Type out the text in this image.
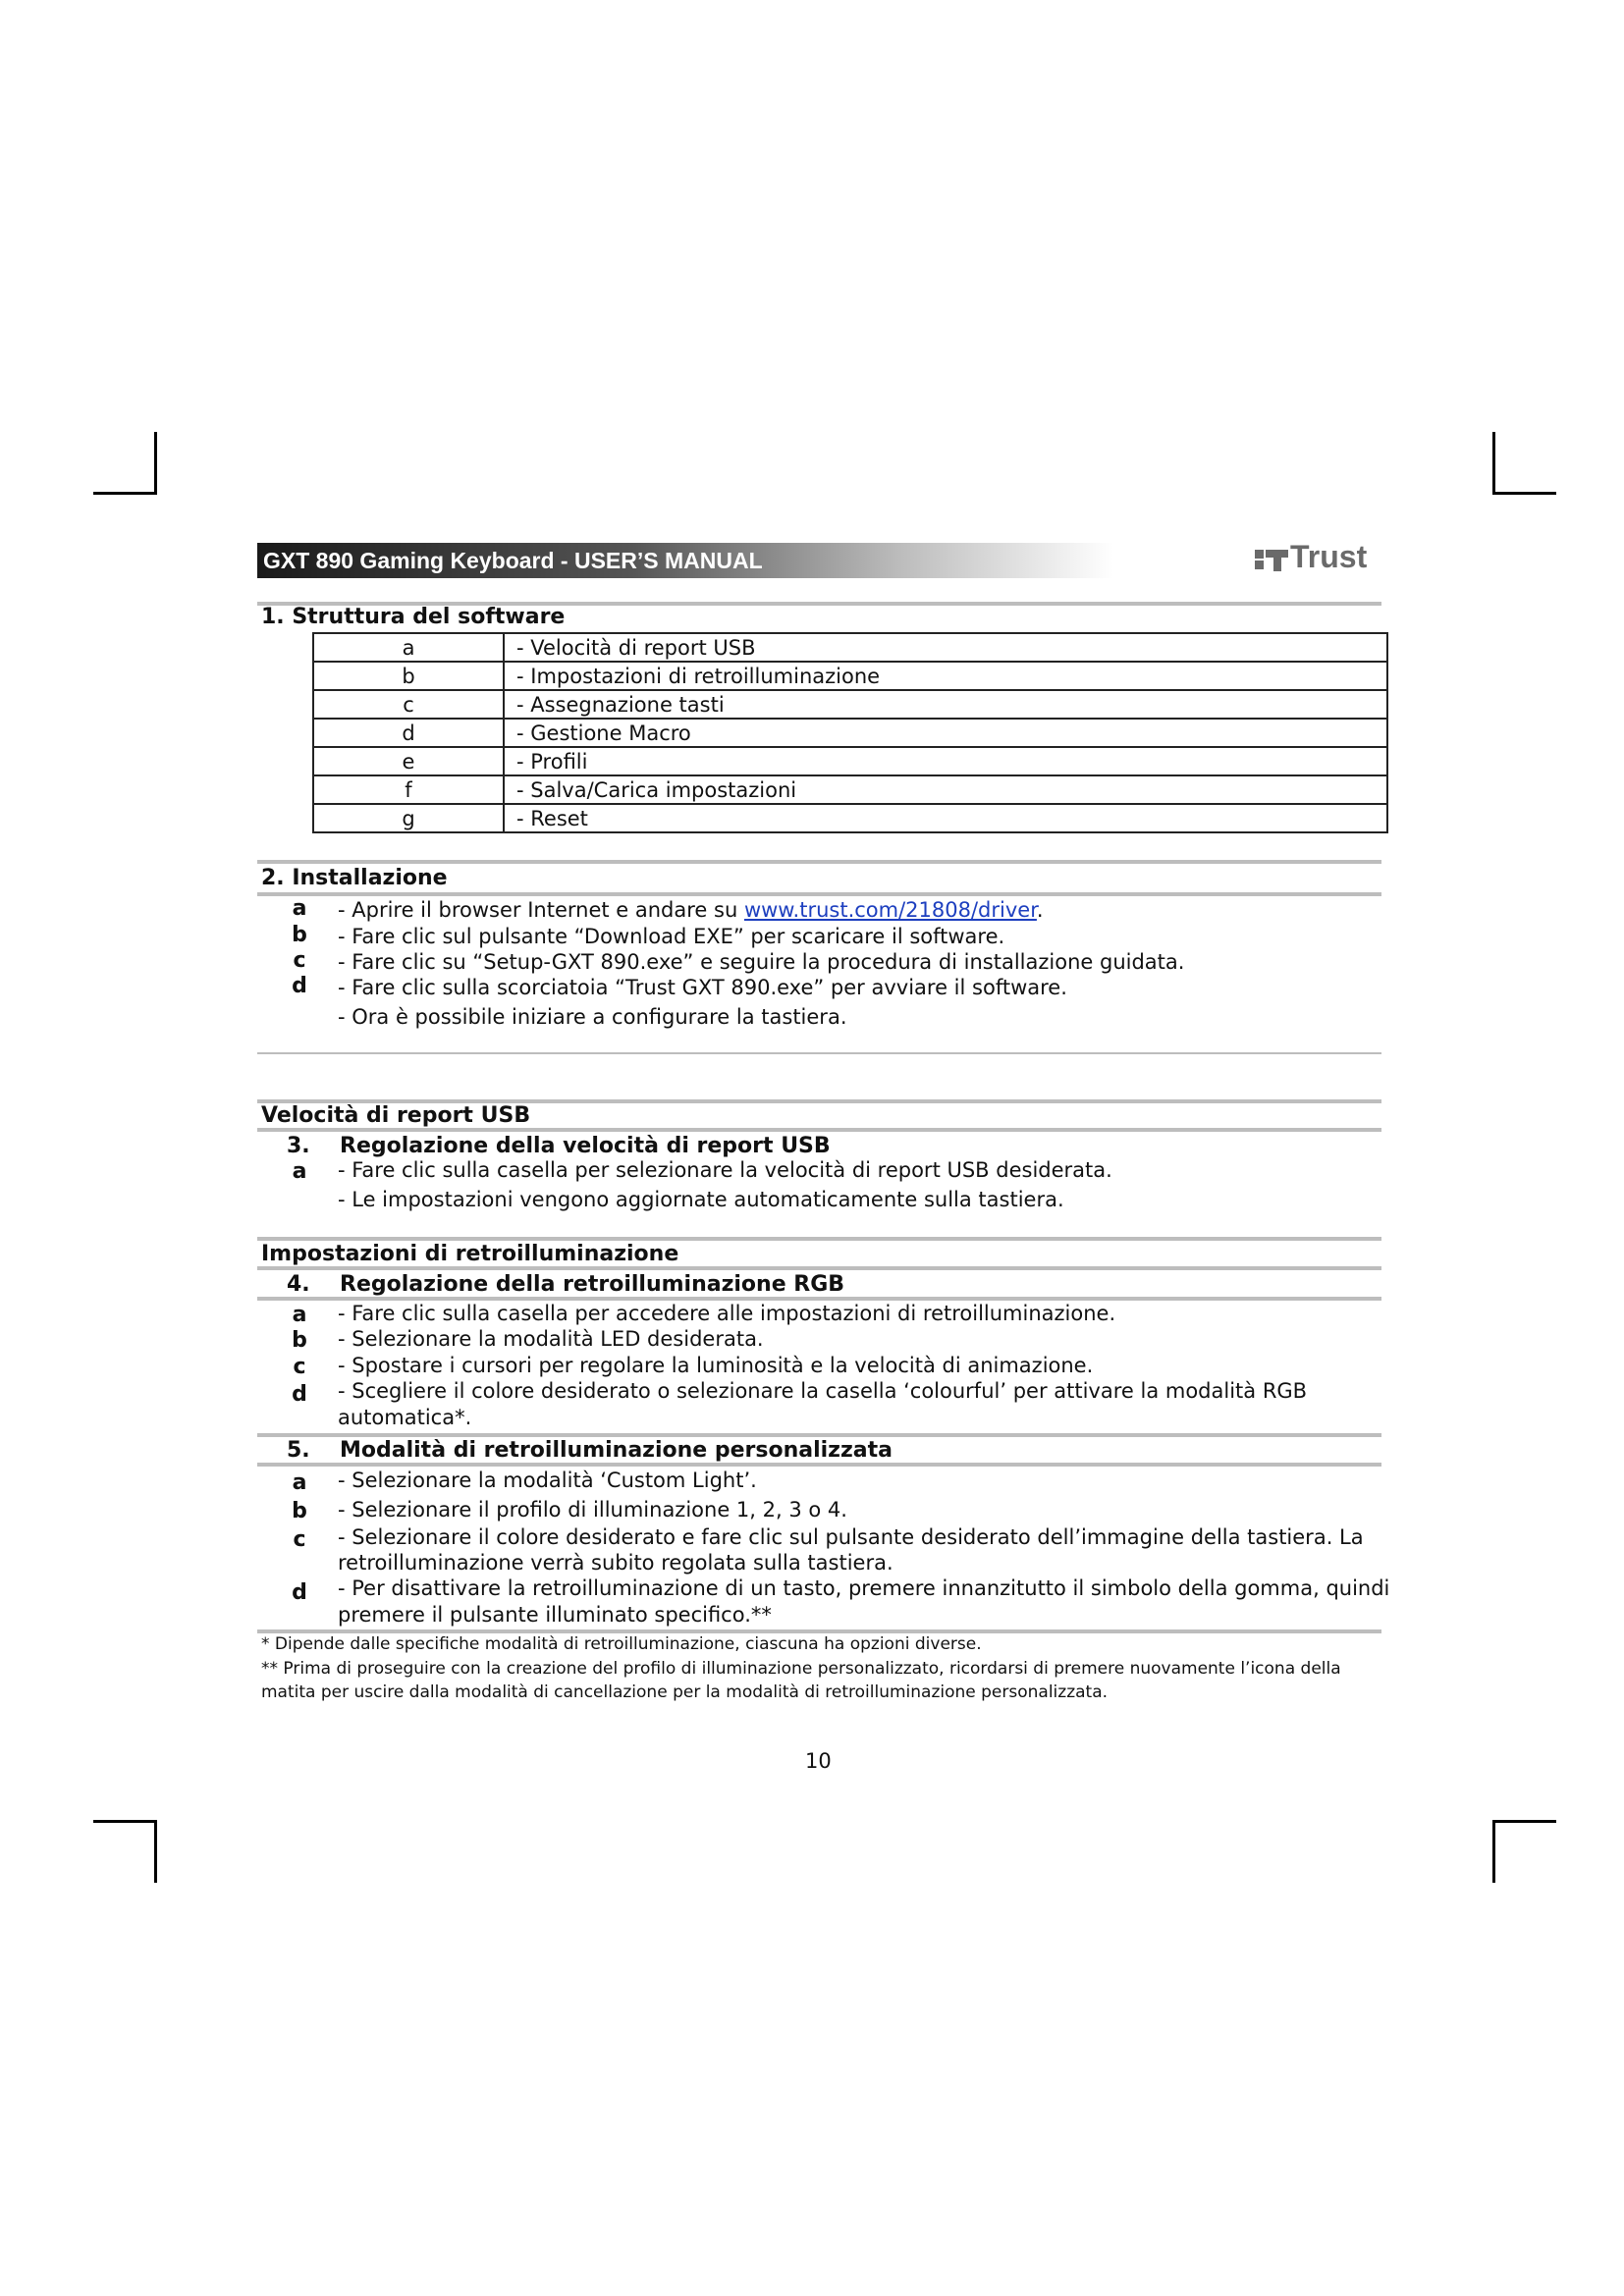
GXT 890 Gaming Keyboard - USER’S MANUAL	Trust
1. Struttura del software
a	- Velocità di report USB
b	- Impostazioni di retroilluminazione
c	- Assegnazione tasti
d	- Gestione Macro
e	- Profili
f	- Salva/Carica impostazioni
g	- Reset
2. Installazione
a	- Aprire il browser Internet e andare su www.trust.com/21808/driver.
b	- Fare clic sul pulsante “Download EXE” per scaricare il software.
c	- Fare clic su “Setup-GXT 890.exe” e seguire la procedura di installazione guidata.
d	- Fare clic sulla scorciatoia “Trust GXT 890.exe” per avviare il software.
- Ora è possibile iniziare a configurare la tastiera.
Velocità di report USB
3. Regolazione della velocità di report USB
a	- Fare clic sulla casella per selezionare la velocità di report USB desiderata.
- Le impostazioni vengono aggiornate automaticamente sulla tastiera.
Impostazioni di retroilluminazione
4. Regolazione della retroilluminazione RGB
a	- Fare clic sulla casella per accedere alle impostazioni di retroilluminazione.
b	- Selezionare la modalità LED desiderata.
c	- Spostare i cursori per regolare la luminosità e la velocità di animazione.
d	- Scegliere il colore desiderato o selezionare la casella ‘colourful’ per attivare la modalità RGB
automatica*.
5. Modalità di retroilluminazione personalizzata
a	- Selezionare la modalità ‘Custom Light’.
b	- Selezionare il profilo di illuminazione 1, 2, 3 o 4.
c	- Selezionare il colore desiderato e fare clic sul pulsante desiderato dell’immagine della tastiera. La
retroilluminazione verrà subito regolata sulla tastiera.
d	- Per disattivare la retroilluminazione di un tasto, premere innanzitutto il simbolo della gomma, quindi
premere il pulsante illuminato specifico.**
* Dipende dalle specifiche modalità di retroilluminazione, ciascuna ha opzioni diverse.
** Prima di proseguire con la creazione del profilo di illuminazione personalizzato, ricordarsi di premere nuovamente l’icona della
matita per uscire dalla modalità di cancellazione per la modalità di retroilluminazione personalizzata.
10
